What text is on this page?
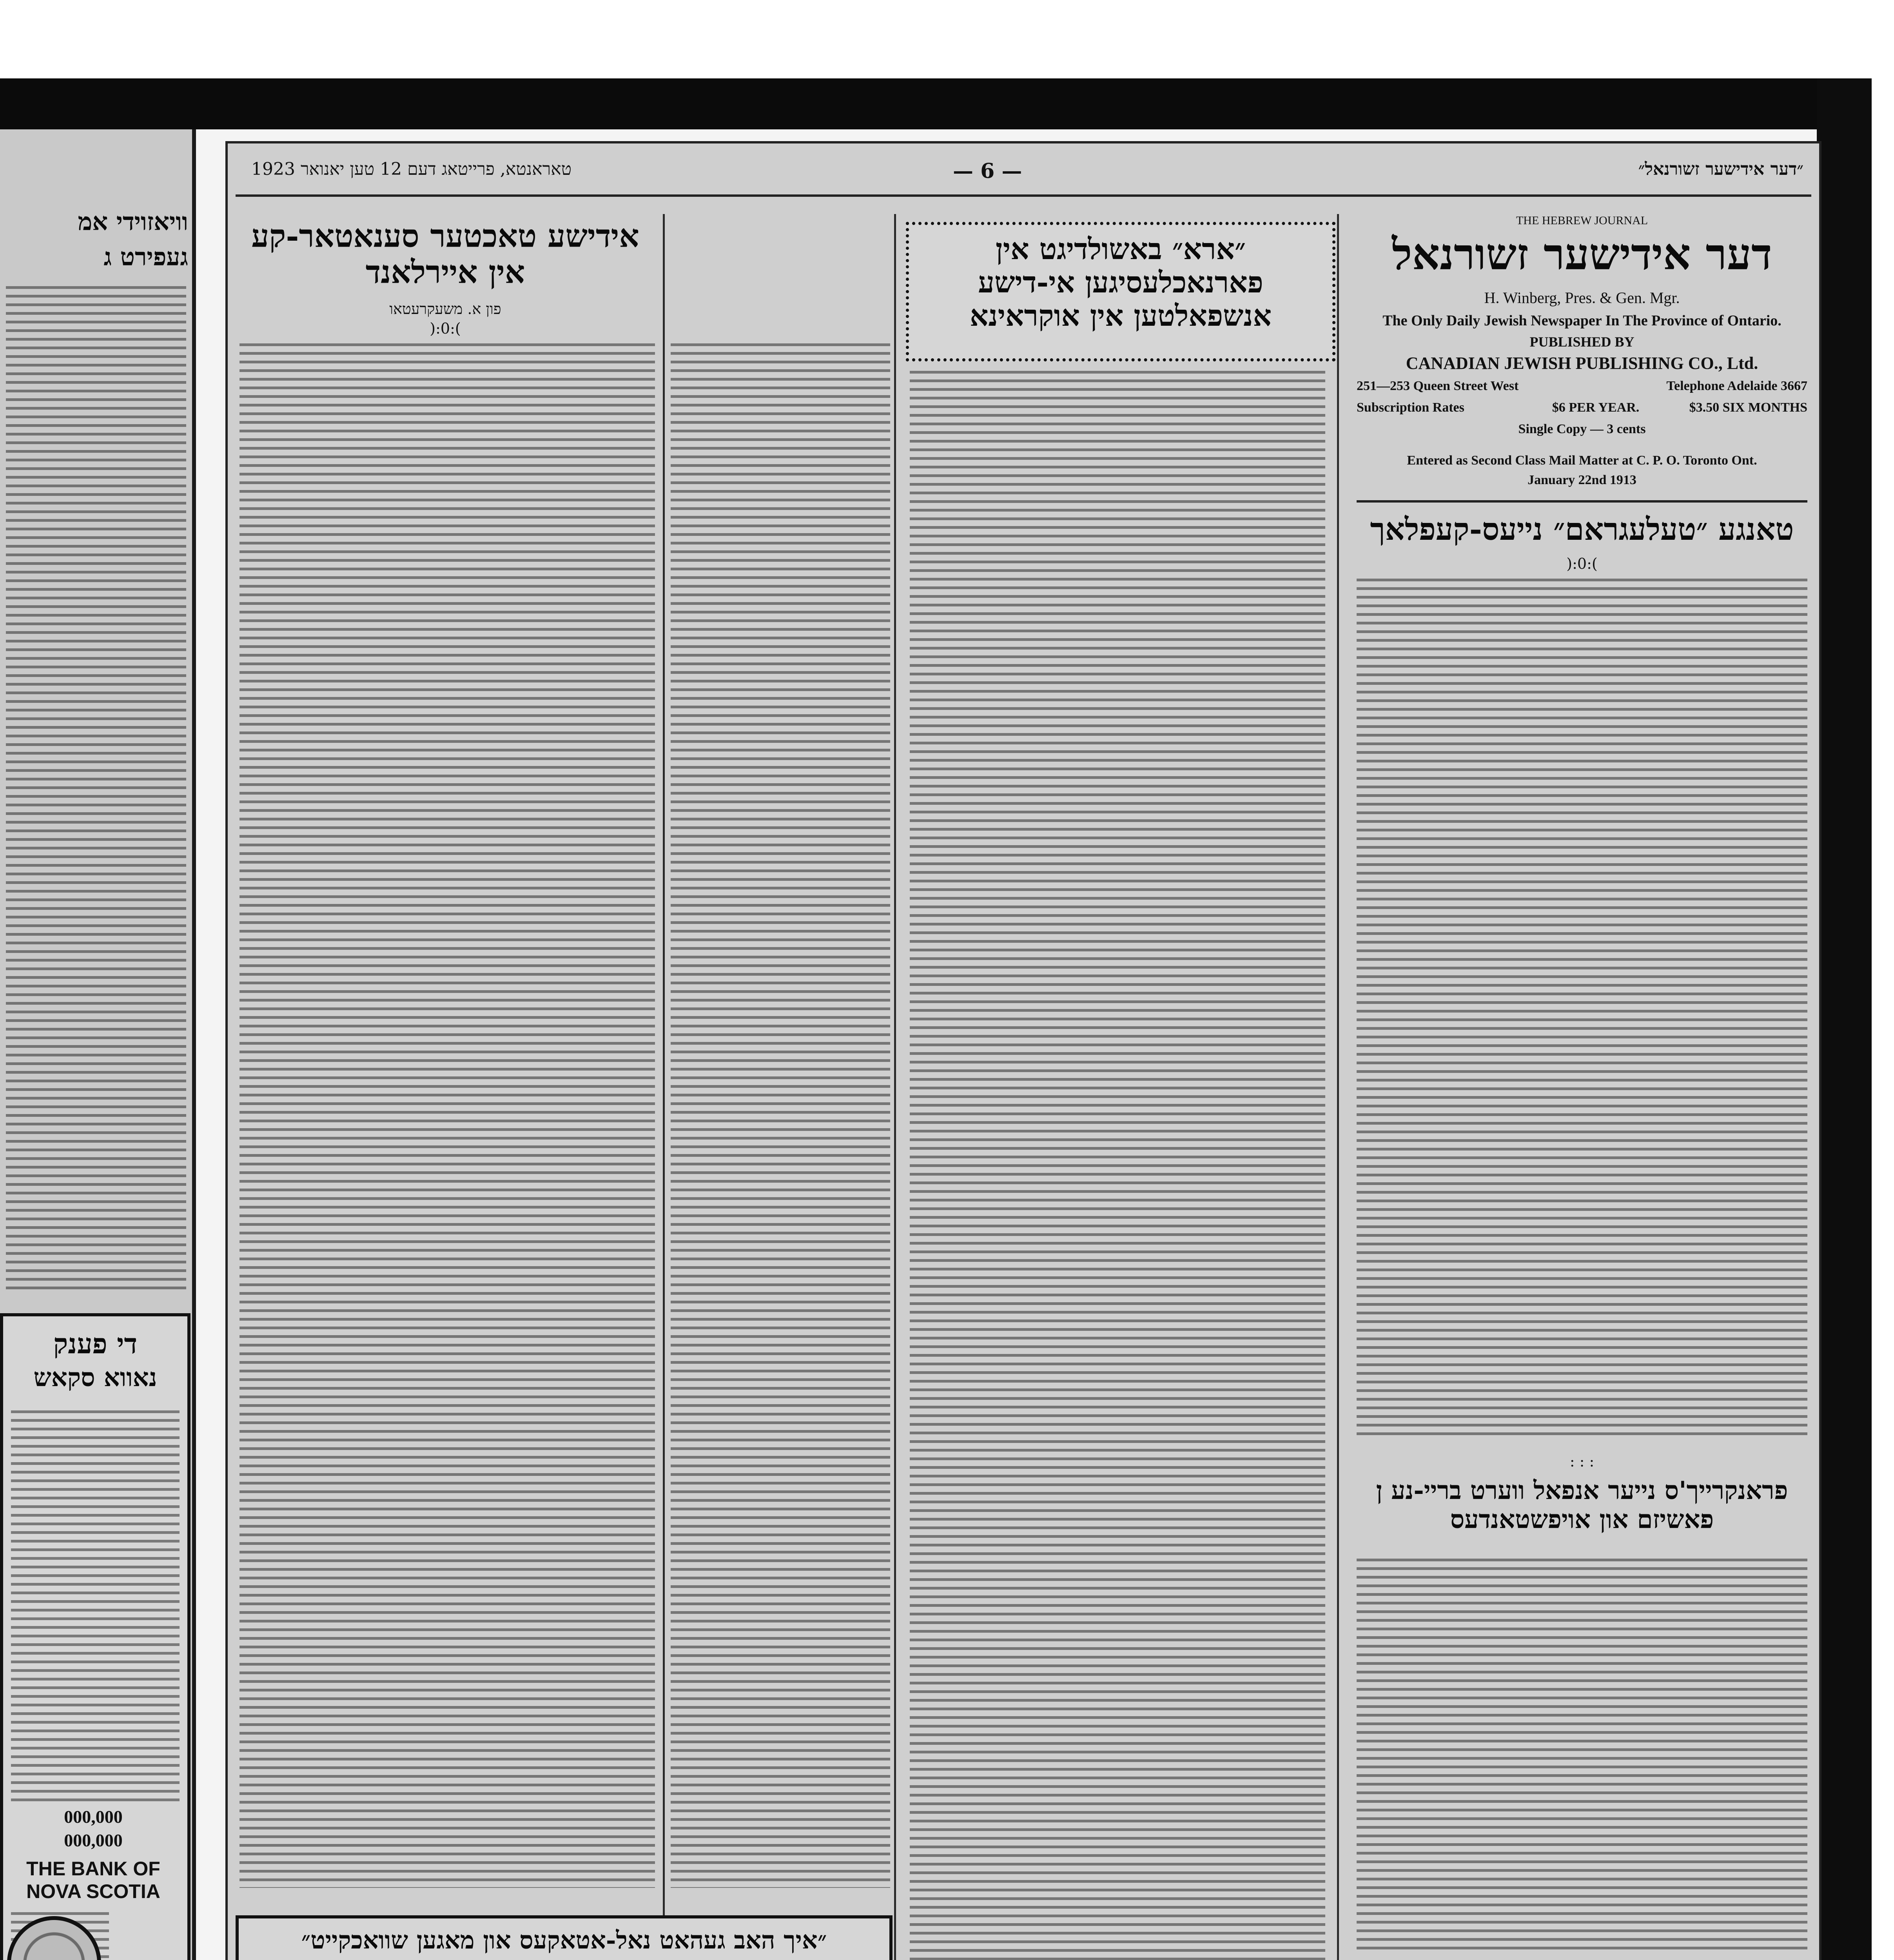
וויאזוידי אמ
געפירט ג
די פענק
נאווא סקאש
000,000
000,000
THE BANK OF NOVA SCOTIA
״דער אידישער זשורנאל״
— 6 —
טאראנטא, פרייטאג דעם 12 טען יאנואר 1923
THE HEBREW JOURNAL
דער אידישער זשורנאל
H. Winberg, Pres. & Gen. Mgr.
The Only Daily Jewish Newspaper In The Province of Ontario.
PUBLISHED BY
CANADIAN JEWISH PUBLISHING CO., Ltd.
251—253 Queen Street West	Telephone Adelaide 3667
Subscription Rates	$6 PER YEAR.	$3.50 SIX MONTHS
Single Copy — 3 cents
Entered as Second Class Mail Matter at C. P. O. Toronto Ont.
January 22nd 1913
טאנגע ״טעלעגראם״ נייעס-קעפלאך
):0:(
: : :
פראנקרייך'ס נייער אנפאל ווערט בריי-נע ן פאשיזם און אויפשטאנדעס
״ארא״ באשולדיגט אין פארנאכלעסיגען אי-דישע אנשפאלטען אין אוקראינא
אידישע טאכטער סענאטאר-קע אין איירלאנד
פון א. משעקרעטאו
):0:(
״איך האב געהאט נאל-אטאקעס און מאגען שוואכקייט״
